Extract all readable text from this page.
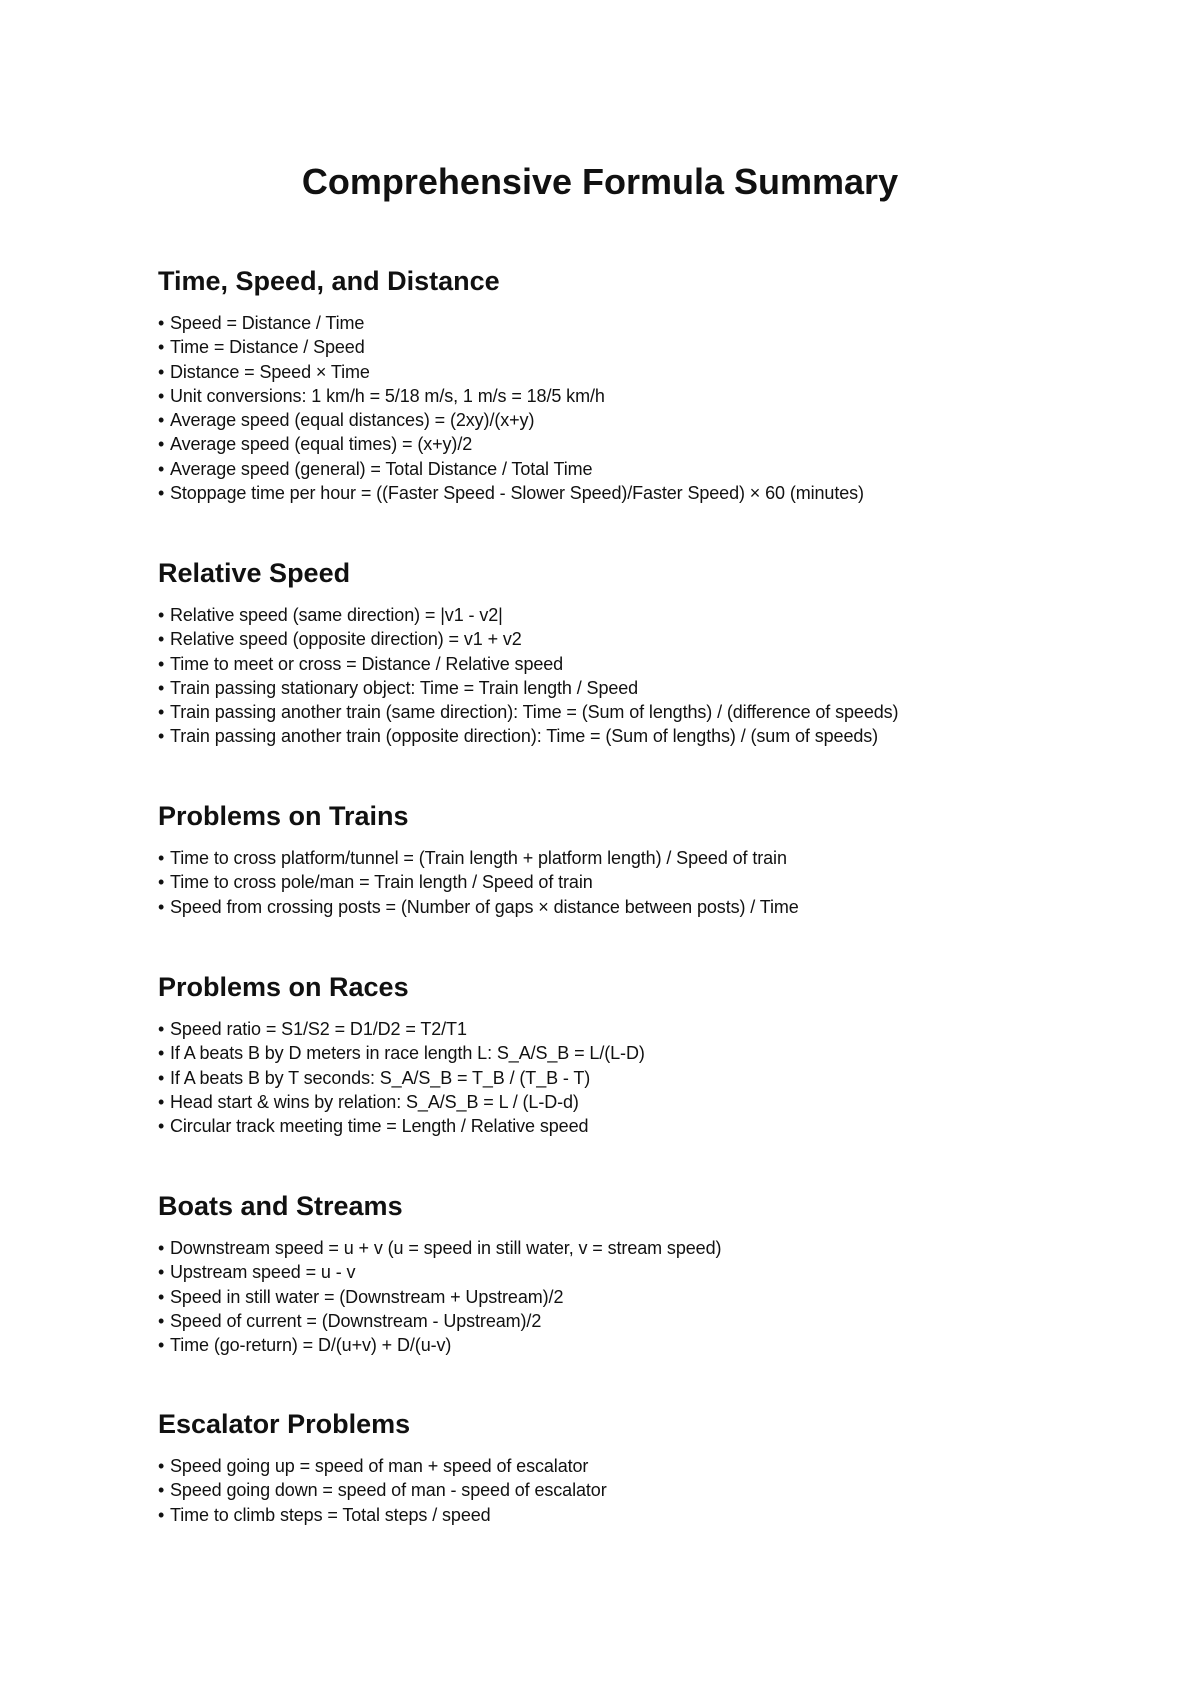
Comprehensive Formula Summary
Time, Speed, and Distance
• Speed = Distance / Time
• Time = Distance / Speed
• Distance = Speed × Time
• Unit conversions: 1 km/h = 5/18 m/s, 1 m/s = 18/5 km/h
• Average speed (equal distances) = (2xy)/(x+y)
• Average speed (equal times) = (x+y)/2
• Average speed (general) = Total Distance / Total Time
• Stoppage time per hour = ((Faster Speed - Slower Speed)/Faster Speed) × 60 (minutes)
Relative Speed
• Relative speed (same direction) = |v1 - v2|
• Relative speed (opposite direction) = v1 + v2
• Time to meet or cross = Distance / Relative speed
• Train passing stationary object: Time = Train length / Speed
• Train passing another train (same direction): Time = (Sum of lengths) / (difference of speeds)
• Train passing another train (opposite direction): Time = (Sum of lengths) / (sum of speeds)
Problems on Trains
• Time to cross platform/tunnel = (Train length + platform length) / Speed of train
• Time to cross pole/man = Train length / Speed of train
• Speed from crossing posts = (Number of gaps × distance between posts) / Time
Problems on Races
• Speed ratio = S1/S2 = D1/D2 = T2/T1
• If A beats B by D meters in race length L: S_A/S_B = L/(L-D)
• If A beats B by T seconds: S_A/S_B = T_B / (T_B - T)
• Head start & wins by relation: S_A/S_B = L / (L-D-d)
• Circular track meeting time = Length / Relative speed
Boats and Streams
• Downstream speed = u + v (u = speed in still water, v = stream speed)
• Upstream speed = u - v
• Speed in still water = (Downstream + Upstream)/2
• Speed of current = (Downstream - Upstream)/2
• Time (go-return) = D/(u+v) + D/(u-v)
Escalator Problems
• Speed going up = speed of man + speed of escalator
• Speed going down = speed of man - speed of escalator
• Time to climb steps = Total steps / speed
